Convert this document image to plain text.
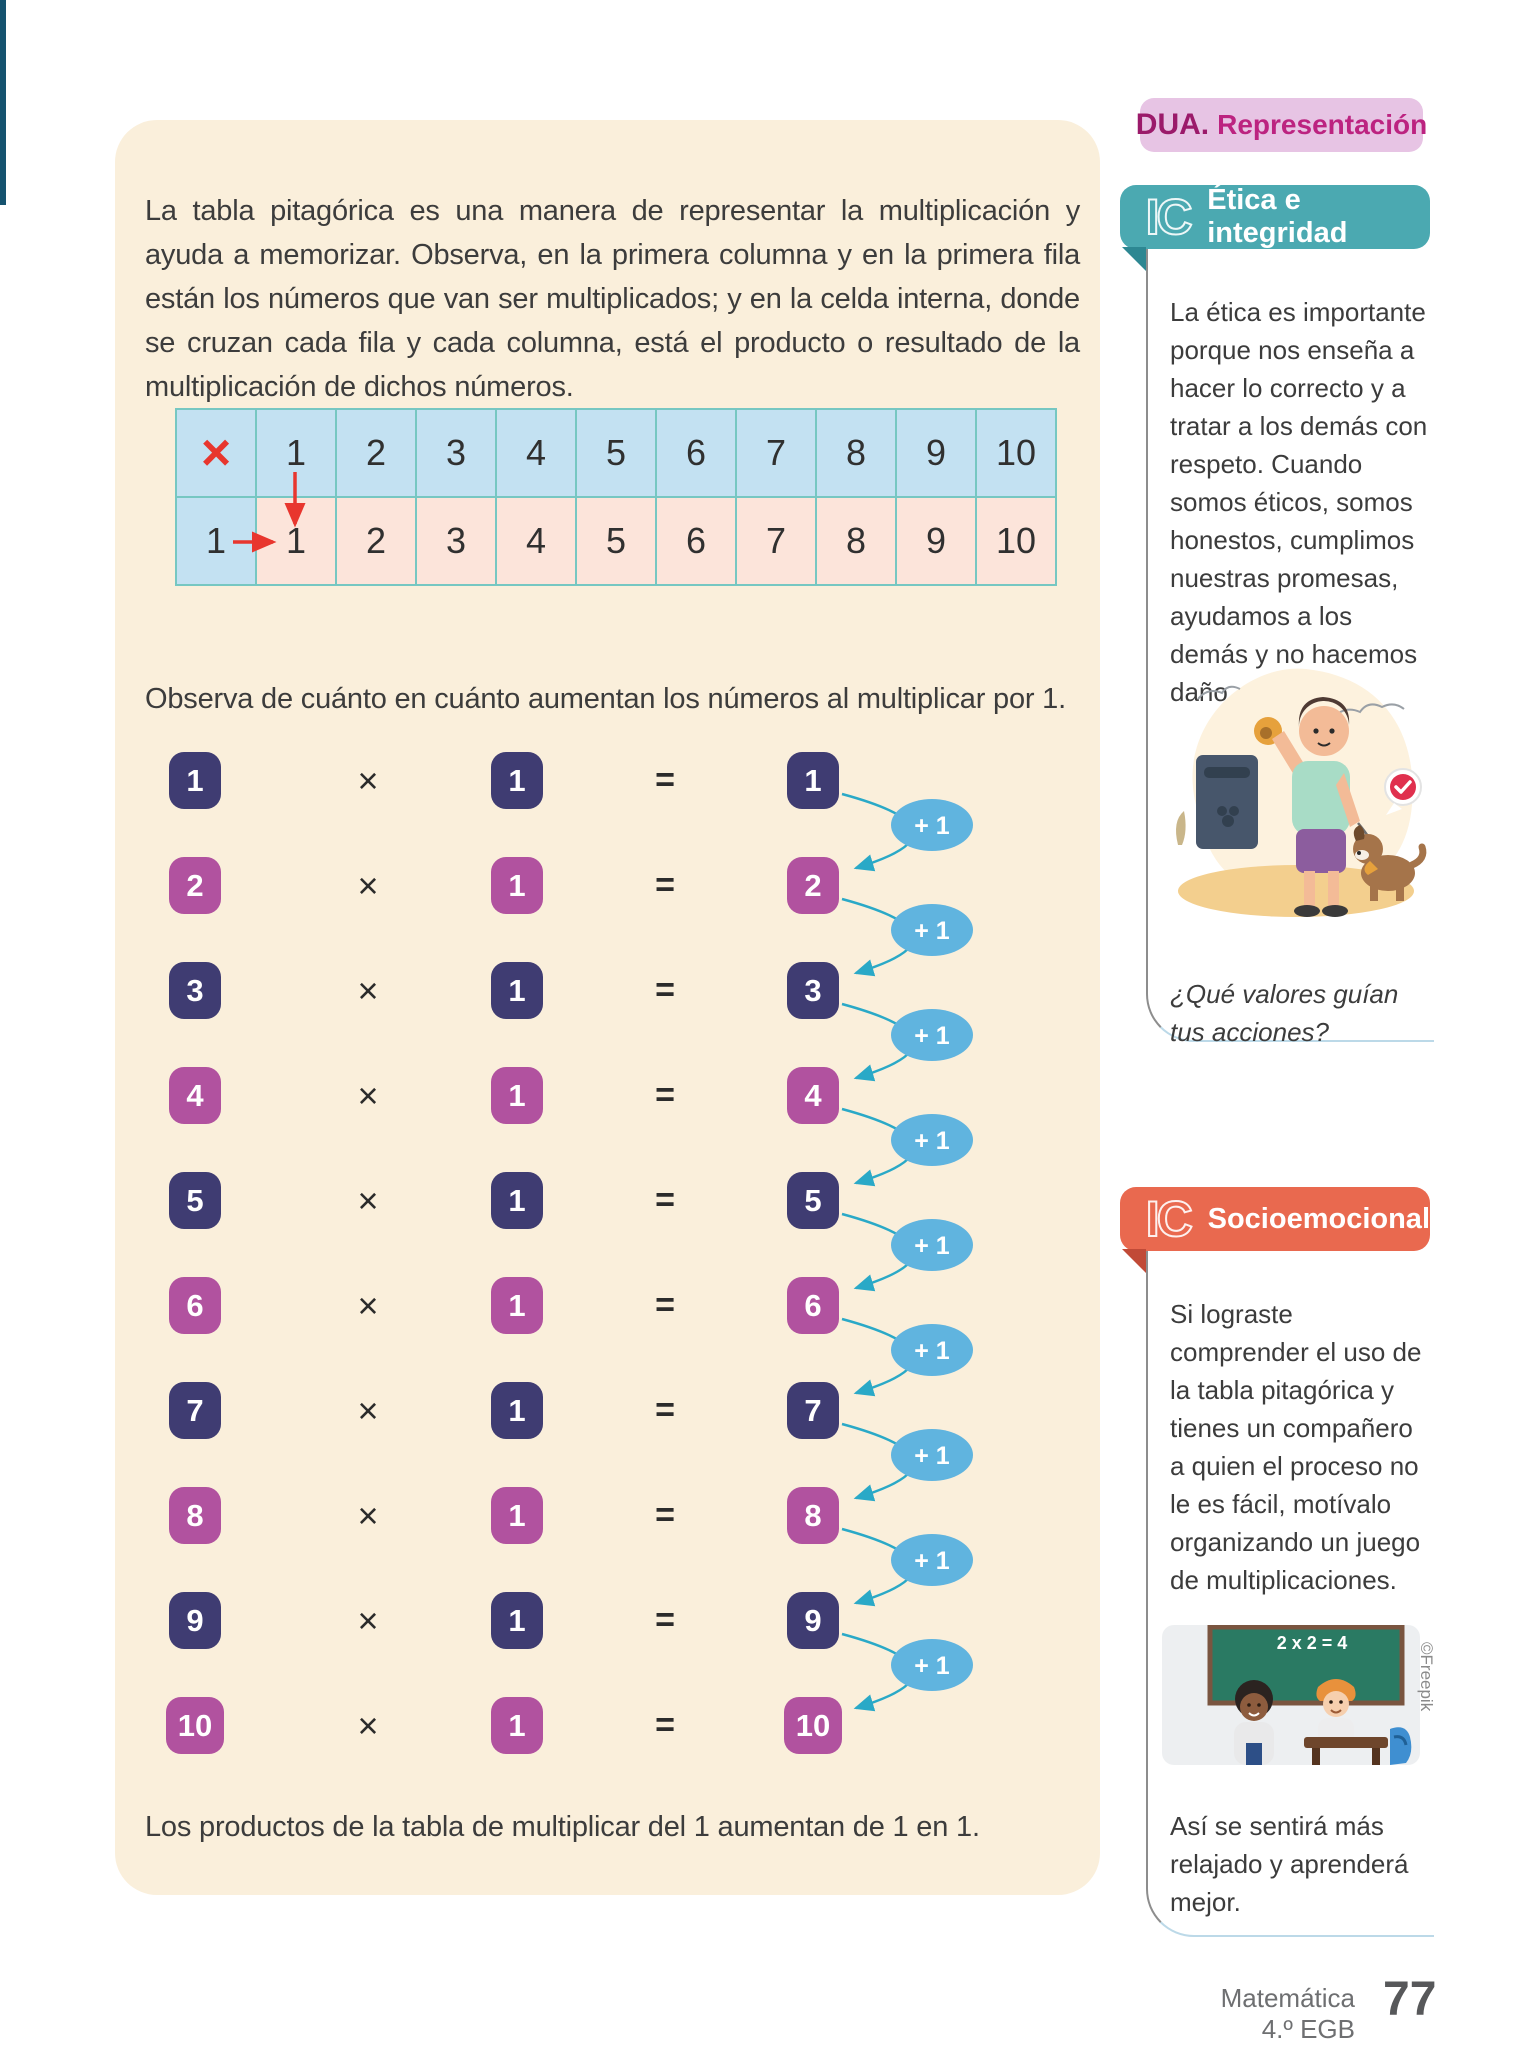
DUA. Representación

La tabla pitagórica es una manera de representar la multiplicación y ayuda a memorizar. Observa, en la primera columna y en la primera fila están los números que van ser multiplicados; y en la celda interna, donde se cruzan cada fila y cada columna, está el producto o resultado de la multiplicación de dichos números.

×	1	2	3	4	5	6	7	8	9	10
1	1	2	3	4	5	6	7	8	9	10

Observa de cuánto en cuánto aumentan los números al multiplicar por 1.

+ 1
+ 1
+ 1
+ 1
+ 1
+ 1
+ 1
+ 1
+ 1
1	×	1	=	1
2	×	1	=	2
3	×	1	=	3
4	×	1	=	4
5	×	1	=	5
6	×	1	=	6
7	×	1	=	7
8	×	1	=	8
9	×	1	=	9
10	×	1	=	10

Los productos de la tabla de multiplicar del 1 aumentan de 1 en 1.

IC Ética e integridad

La ética es importante porque nos enseña a hacer lo correcto y a tratar a los demás con respeto. Cuando somos éticos, somos honestos, cumplimos nuestras promesas, ayudamos a los demás y no hacemos daño.

¿Qué valores guían tus acciones?

IC Socioemocional

Si lograste comprender el uso de la tabla pitagórica y tienes un compañero a quien el proceso no le es fácil, motívalo organizando un juego de multiplicaciones.

2 x 2 = 4

Así se sentirá más relajado y aprenderá mejor.

©Freepik
Matemática
4.º EGB
77
